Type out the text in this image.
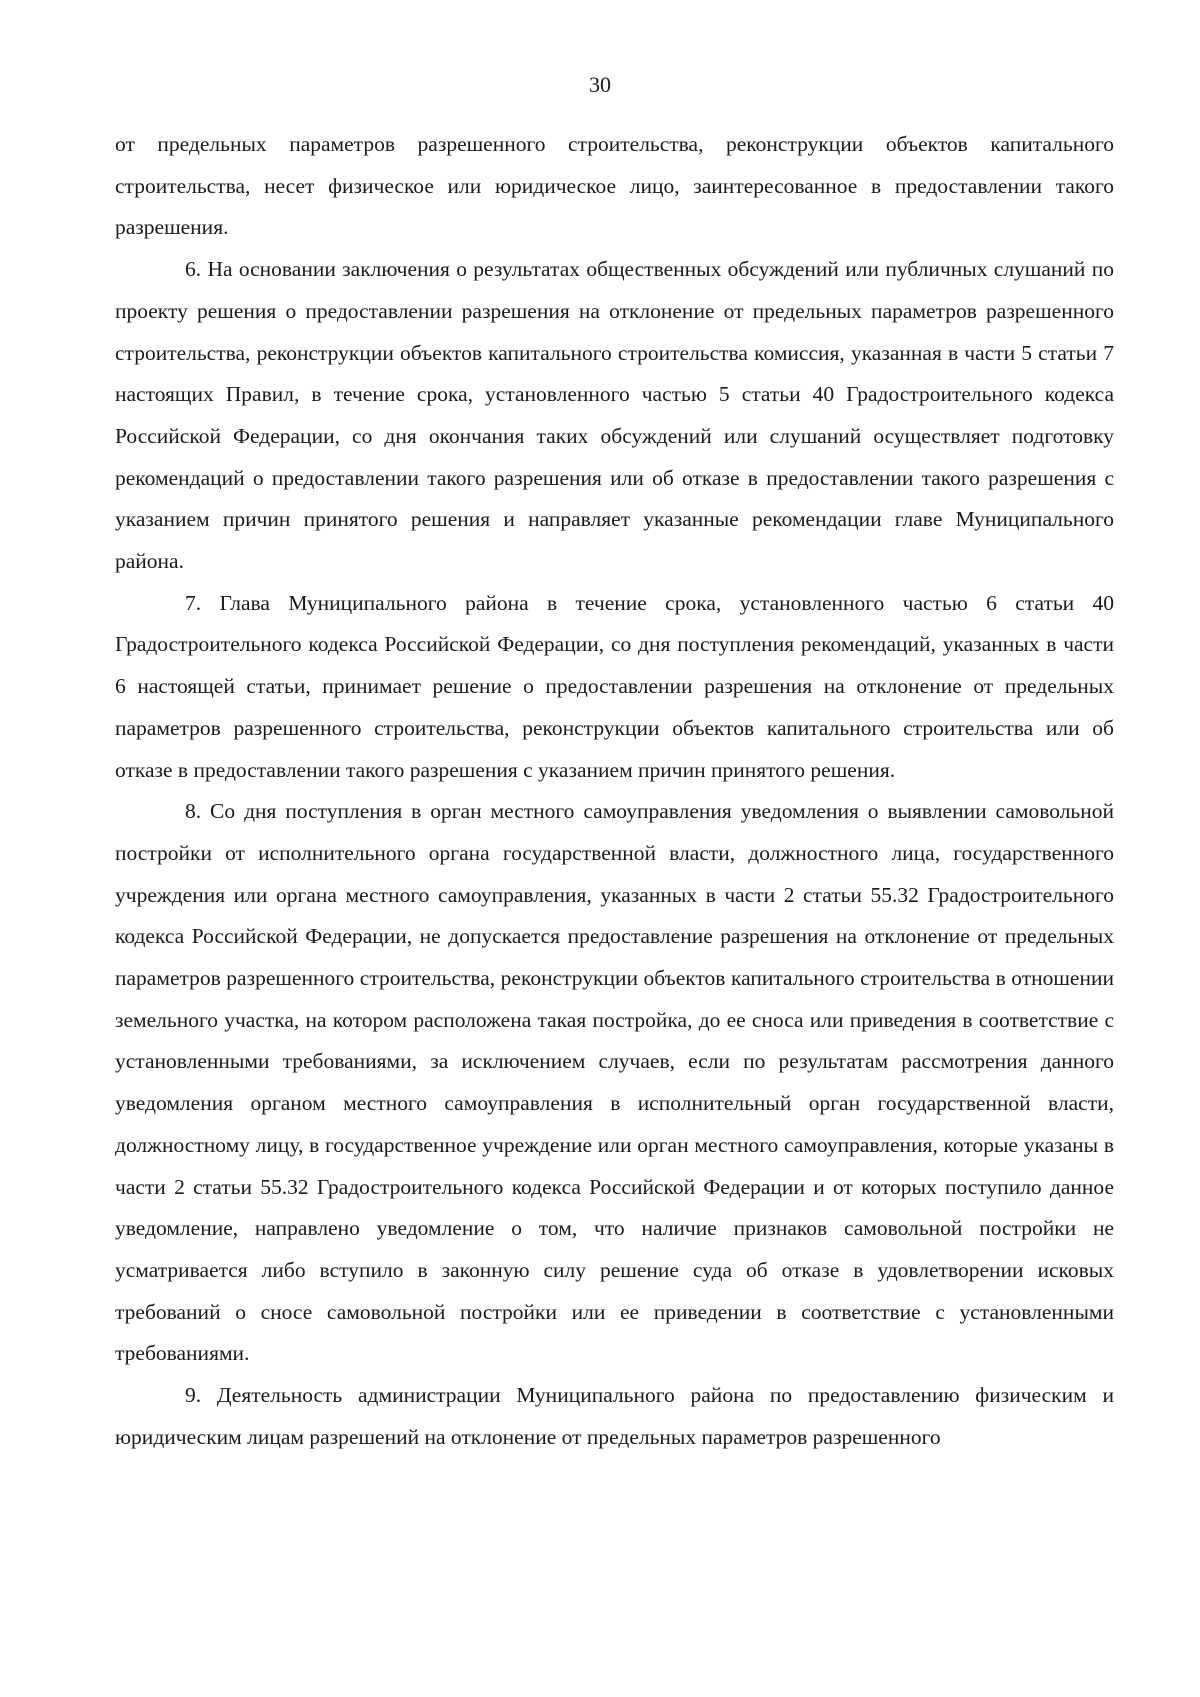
30

от предельных параметров разрешенного строительства, реконструкции объектов капитального строительства, несет физическое или юридическое лицо, заинтересованное в предоставлении такого разрешения.

6. На основании заключения о результатах общественных обсуждений или публичных слушаний по проекту решения о предоставлении разрешения на отклонение от предельных параметров разрешенного строительства, реконструкции объектов капитального строительства комиссия, указанная в части 5 статьи 7 настоящих Правил, в течение срока, установленного частью 5 статьи 40 Градостроительного кодекса Российской Федерации, со дня окончания таких обсуждений или слушаний осуществляет подготовку рекомендаций о предоставлении такого разрешения или об отказе в предоставлении такого разрешения с указанием причин принятого решения и направляет указанные рекомендации главе Муниципального района.

7. Глава Муниципального района в течение срока, установленного частью 6 статьи 40 Градостроительного кодекса Российской Федерации, со дня поступления рекомендаций, указанных в части 6 настоящей статьи, принимает решение о предоставлении разрешения на отклонение от предельных параметров разрешенного строительства, реконструкции объектов капитального строительства или об отказе в предоставлении такого разрешения с указанием причин принятого решения.

8. Со дня поступления в орган местного самоуправления уведомления о выявлении самовольной постройки от исполнительного органа государственной власти, должностного лица, государственного учреждения или органа местного самоуправления, указанных в части 2 статьи 55.32 Градостроительного кодекса Российской Федерации, не допускается предоставление разрешения на отклонение от предельных параметров разрешенного строительства, реконструкции объектов капитального строительства в отношении земельного участка, на котором расположена такая постройка, до ее сноса или приведения в соответствие с установленными требованиями, за исключением случаев, если по результатам рассмотрения данного уведомления органом местного самоуправления в исполнительный орган государственной власти, должностному лицу, в государственное учреждение или орган местного самоуправления, которые указаны в части 2 статьи 55.32 Градостроительного кодекса Российской Федерации и от которых поступило данное уведомление, направлено уведомление о том, что наличие признаков самовольной постройки не усматривается либо вступило в законную силу решение суда об отказе в удовлетворении исковых требований о сносе самовольной постройки или ее приведении в соответствие с установленными требованиями.

9. Деятельность администрации Муниципального района по предоставлению физическим и юридическим лицам разрешений на отклонение от предельных параметров разрешенного
